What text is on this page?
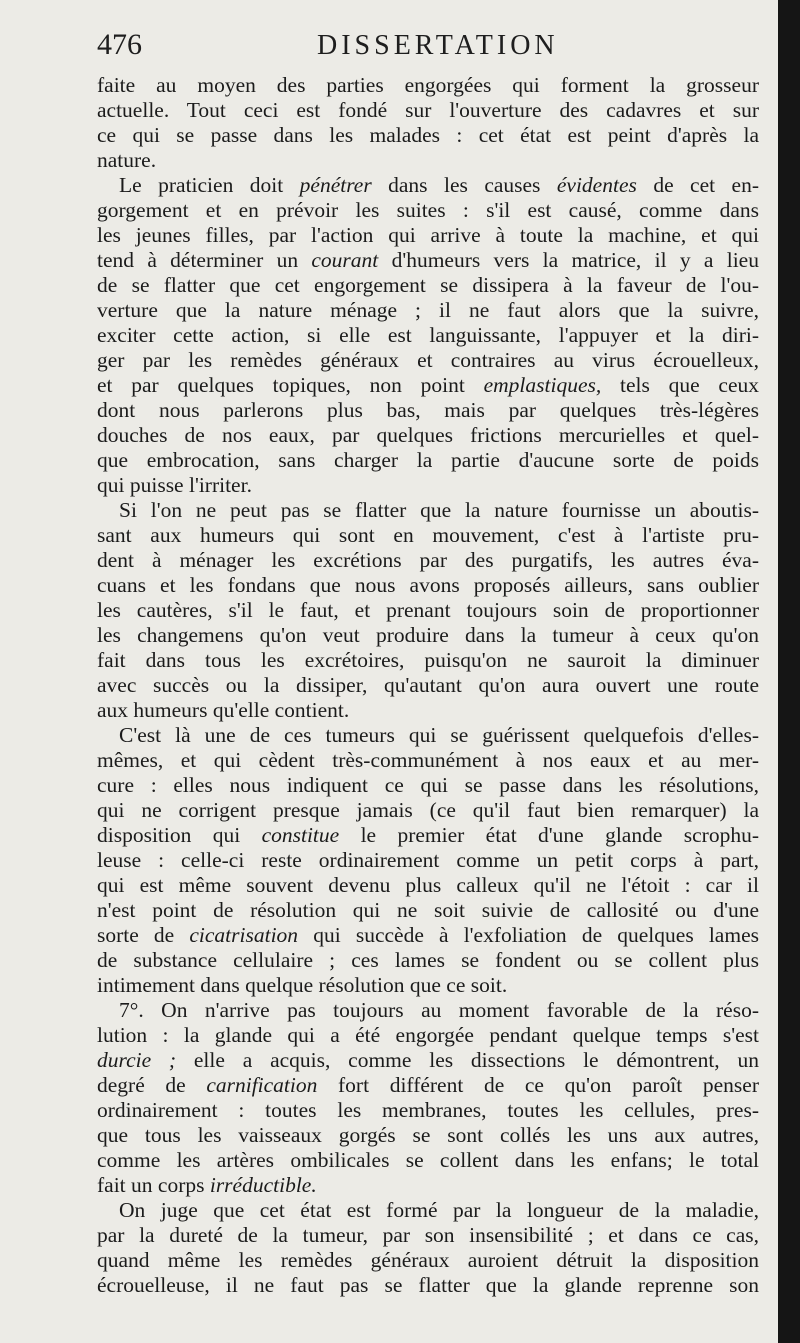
476	DISSERTATION
faite au moyen des parties engorgées qui forment la grosseur
actuelle. Tout ceci est fondé sur l'ouverture des cadavres et sur
ce qui se passe dans les malades : cet état est peint d'après la
nature.
Le praticien doit pénétrer dans les causes évidentes de cet en-
gorgement et en prévoir les suites : s'il est causé, comme dans
les jeunes filles, par l'action qui arrive à toute la machine, et qui
tend à déterminer un courant d'humeurs vers la matrice, il y a lieu
de se flatter que cet engorgement se dissipera à la faveur de l'ou-
verture que la nature ménage ; il ne faut alors que la suivre,
exciter cette action, si elle est languissante, l'appuyer et la diri-
ger par les remèdes généraux et contraires au virus écrouelleux,
et par quelques topiques, non point emplastiques, tels que ceux
dont nous parlerons plus bas, mais par quelques très-légères
douches de nos eaux, par quelques frictions mercurielles et quel-
que embrocation, sans charger la partie d'aucune sorte de poids
qui puisse l'irriter.
Si l'on ne peut pas se flatter que la nature fournisse un aboutis-
sant aux humeurs qui sont en mouvement, c'est à l'artiste pru-
dent à ménager les excrétions par des purgatifs, les autres éva-
cuans et les fondans que nous avons proposés ailleurs, sans oublier
les cautères, s'il le faut, et prenant toujours soin de proportionner
les changemens qu'on veut produire dans la tumeur à ceux qu'on
fait dans tous les excrétoires, puisqu'on ne sauroit la diminuer
avec succès ou la dissiper, qu'autant qu'on aura ouvert une route
aux humeurs qu'elle contient.
C'est là une de ces tumeurs qui se guérissent quelquefois d'elles-
mêmes, et qui cèdent très-communément à nos eaux et au mer-
cure : elles nous indiquent ce qui se passe dans les résolutions,
qui ne corrigent presque jamais (ce qu'il faut bien remarquer) la
disposition qui constitue le premier état d'une glande scrophu-
leuse : celle-ci reste ordinairement comme un petit corps à part,
qui est même souvent devenu plus calleux qu'il ne l'étoit : car il
n'est point de résolution qui ne soit suivie de callosité ou d'une
sorte de cicatrisation qui succède à l'exfoliation de quelques lames
de substance cellulaire ; ces lames se fondent ou se collent plus
intimement dans quelque résolution que ce soit.
7°. On n'arrive pas toujours au moment favorable de la réso-
lution : la glande qui a été engorgée pendant quelque temps s'est
durcie ; elle a acquis, comme les dissections le démontrent, un
degré de carnification fort différent de ce qu'on paroît penser
ordinairement : toutes les membranes, toutes les cellules, pres-
que tous les vaisseaux gorgés se sont collés les uns aux autres,
comme les artères ombilicales se collent dans les enfans; le total
fait un corps irréductible.
On juge que cet état est formé par la longueur de la maladie,
par la dureté de la tumeur, par son insensibilité ; et dans ce cas,
quand même les remèdes généraux auroient détruit la disposition
écrouelleuse, il ne faut pas se flatter que la glande reprenne son
